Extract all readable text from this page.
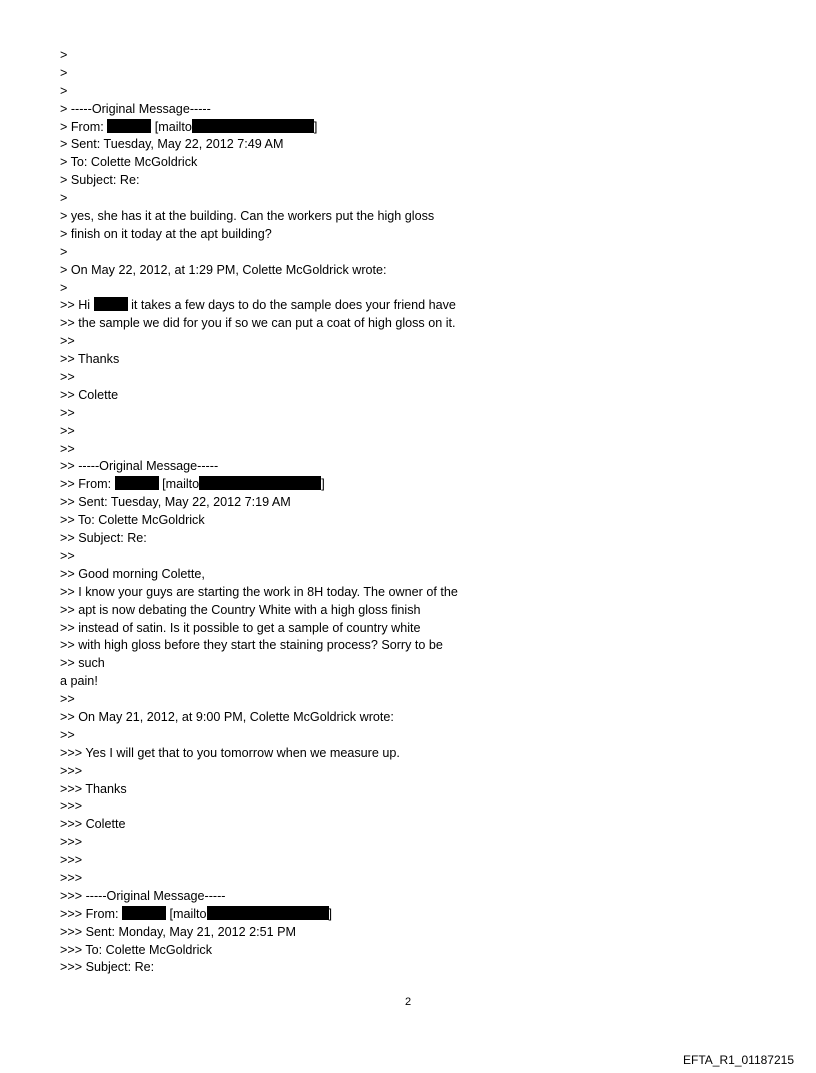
>
>
>
> -----Original Message-----
> From:	[mailto	]
> Sent: Tuesday, May 22, 2012 7:49 AM
> To: Colette McGoldrick
> Subject: Re:
>
> yes, she has it at the building. Can the workers put the high gloss
> finish on it today at the apt building?
>
> On May 22, 2012, at 1:29 PM, Colette McGoldrick wrote:
>
>> Hi	it takes a few days to do the sample does your friend have
>> the sample we did for you if so we can put a coat of high gloss on it.
>>
>> Thanks
>>
>> Colette
>>
>>
>>
>> -----Original Message-----
>> From:	[mailto	]
>> Sent: Tuesday, May 22, 2012 7:19 AM
>> To: Colette McGoldrick
>> Subject: Re:
>>
>> Good morning Colette,
>> I know your guys are starting the work in 8H today. The owner of the
>> apt is now debating the Country White with a high gloss finish
>> instead of satin. Is it possible to get a sample of country white
>> with high gloss before they start the staining process? Sorry to be
>> such
a pain!
>>
>> On May 21, 2012, at 9:00 PM, Colette McGoldrick wrote:
>>
>>> Yes I will get that to you tomorrow when we measure up.
>>>
>>> Thanks
>>>
>>> Colette
>>>
>>>
>>>
>>> -----Original Message-----
>>> From:	[mailto	]
>>> Sent: Monday, May 21, 2012 2:51 PM
>>> To: Colette McGoldrick
>>> Subject: Re:
2
EFTA_R1_01187215
